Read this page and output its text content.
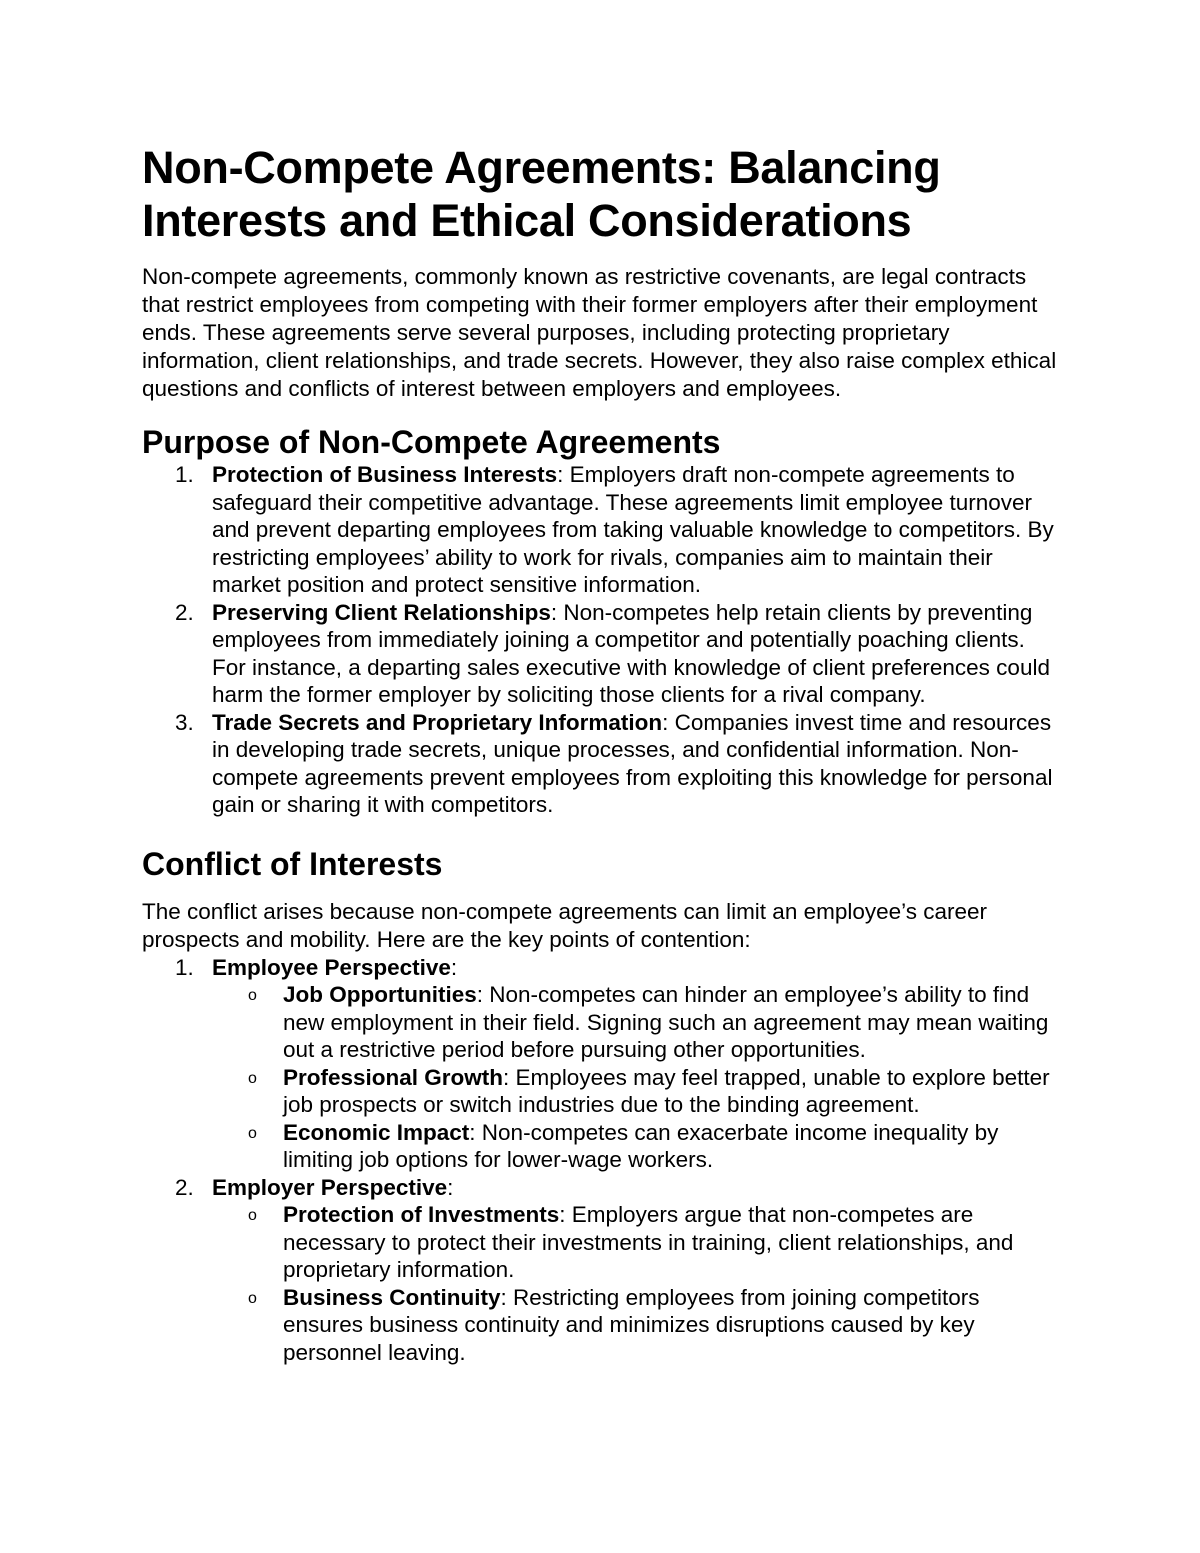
Non-Compete Agreements: Balancing Interests and Ethical Considerations

Non-compete agreements, commonly known as restrictive covenants, are legal contracts that restrict employees from competing with their former employers after their employment ends. These agreements serve several purposes, including protecting proprietary information, client relationships, and trade secrets. However, they also raise complex ethical questions and conflicts of interest between employers and employees.

Purpose of Non-Compete Agreements
1. Protection of Business Interests: Employers draft non-compete agreements to safeguard their competitive advantage. These agreements limit employee turnover and prevent departing employees from taking valuable knowledge to competitors. By restricting employees’ ability to work for rivals, companies aim to maintain their market position and protect sensitive information.
2. Preserving Client Relationships: Non-competes help retain clients by preventing employees from immediately joining a competitor and potentially poaching clients. For instance, a departing sales executive with knowledge of client preferences could harm the former employer by soliciting those clients for a rival company.
3. Trade Secrets and Proprietary Information: Companies invest time and resources in developing trade secrets, unique processes, and confidential information. Non-compete agreements prevent employees from exploiting this knowledge for personal gain or sharing it with competitors.
Conflict of Interests

The conflict arises because non-compete agreements can limit an employee’s career prospects and mobility. Here are the key points of contention:

1. Employee Perspective:
o Job Opportunities: Non-competes can hinder an employee’s ability to find new employment in their field. Signing such an agreement may mean waiting out a restrictive period before pursuing other opportunities.
o Professional Growth: Employees may feel trapped, unable to explore better job prospects or switch industries due to the binding agreement.
o Economic Impact: Non-competes can exacerbate income inequality by limiting job options for lower-wage workers.
2. Employer Perspective:
o Protection of Investments: Employers argue that non-competes are necessary to protect their investments in training, client relationships, and proprietary information.
o Business Continuity: Restricting employees from joining competitors ensures business continuity and minimizes disruptions caused by key personnel leaving.
